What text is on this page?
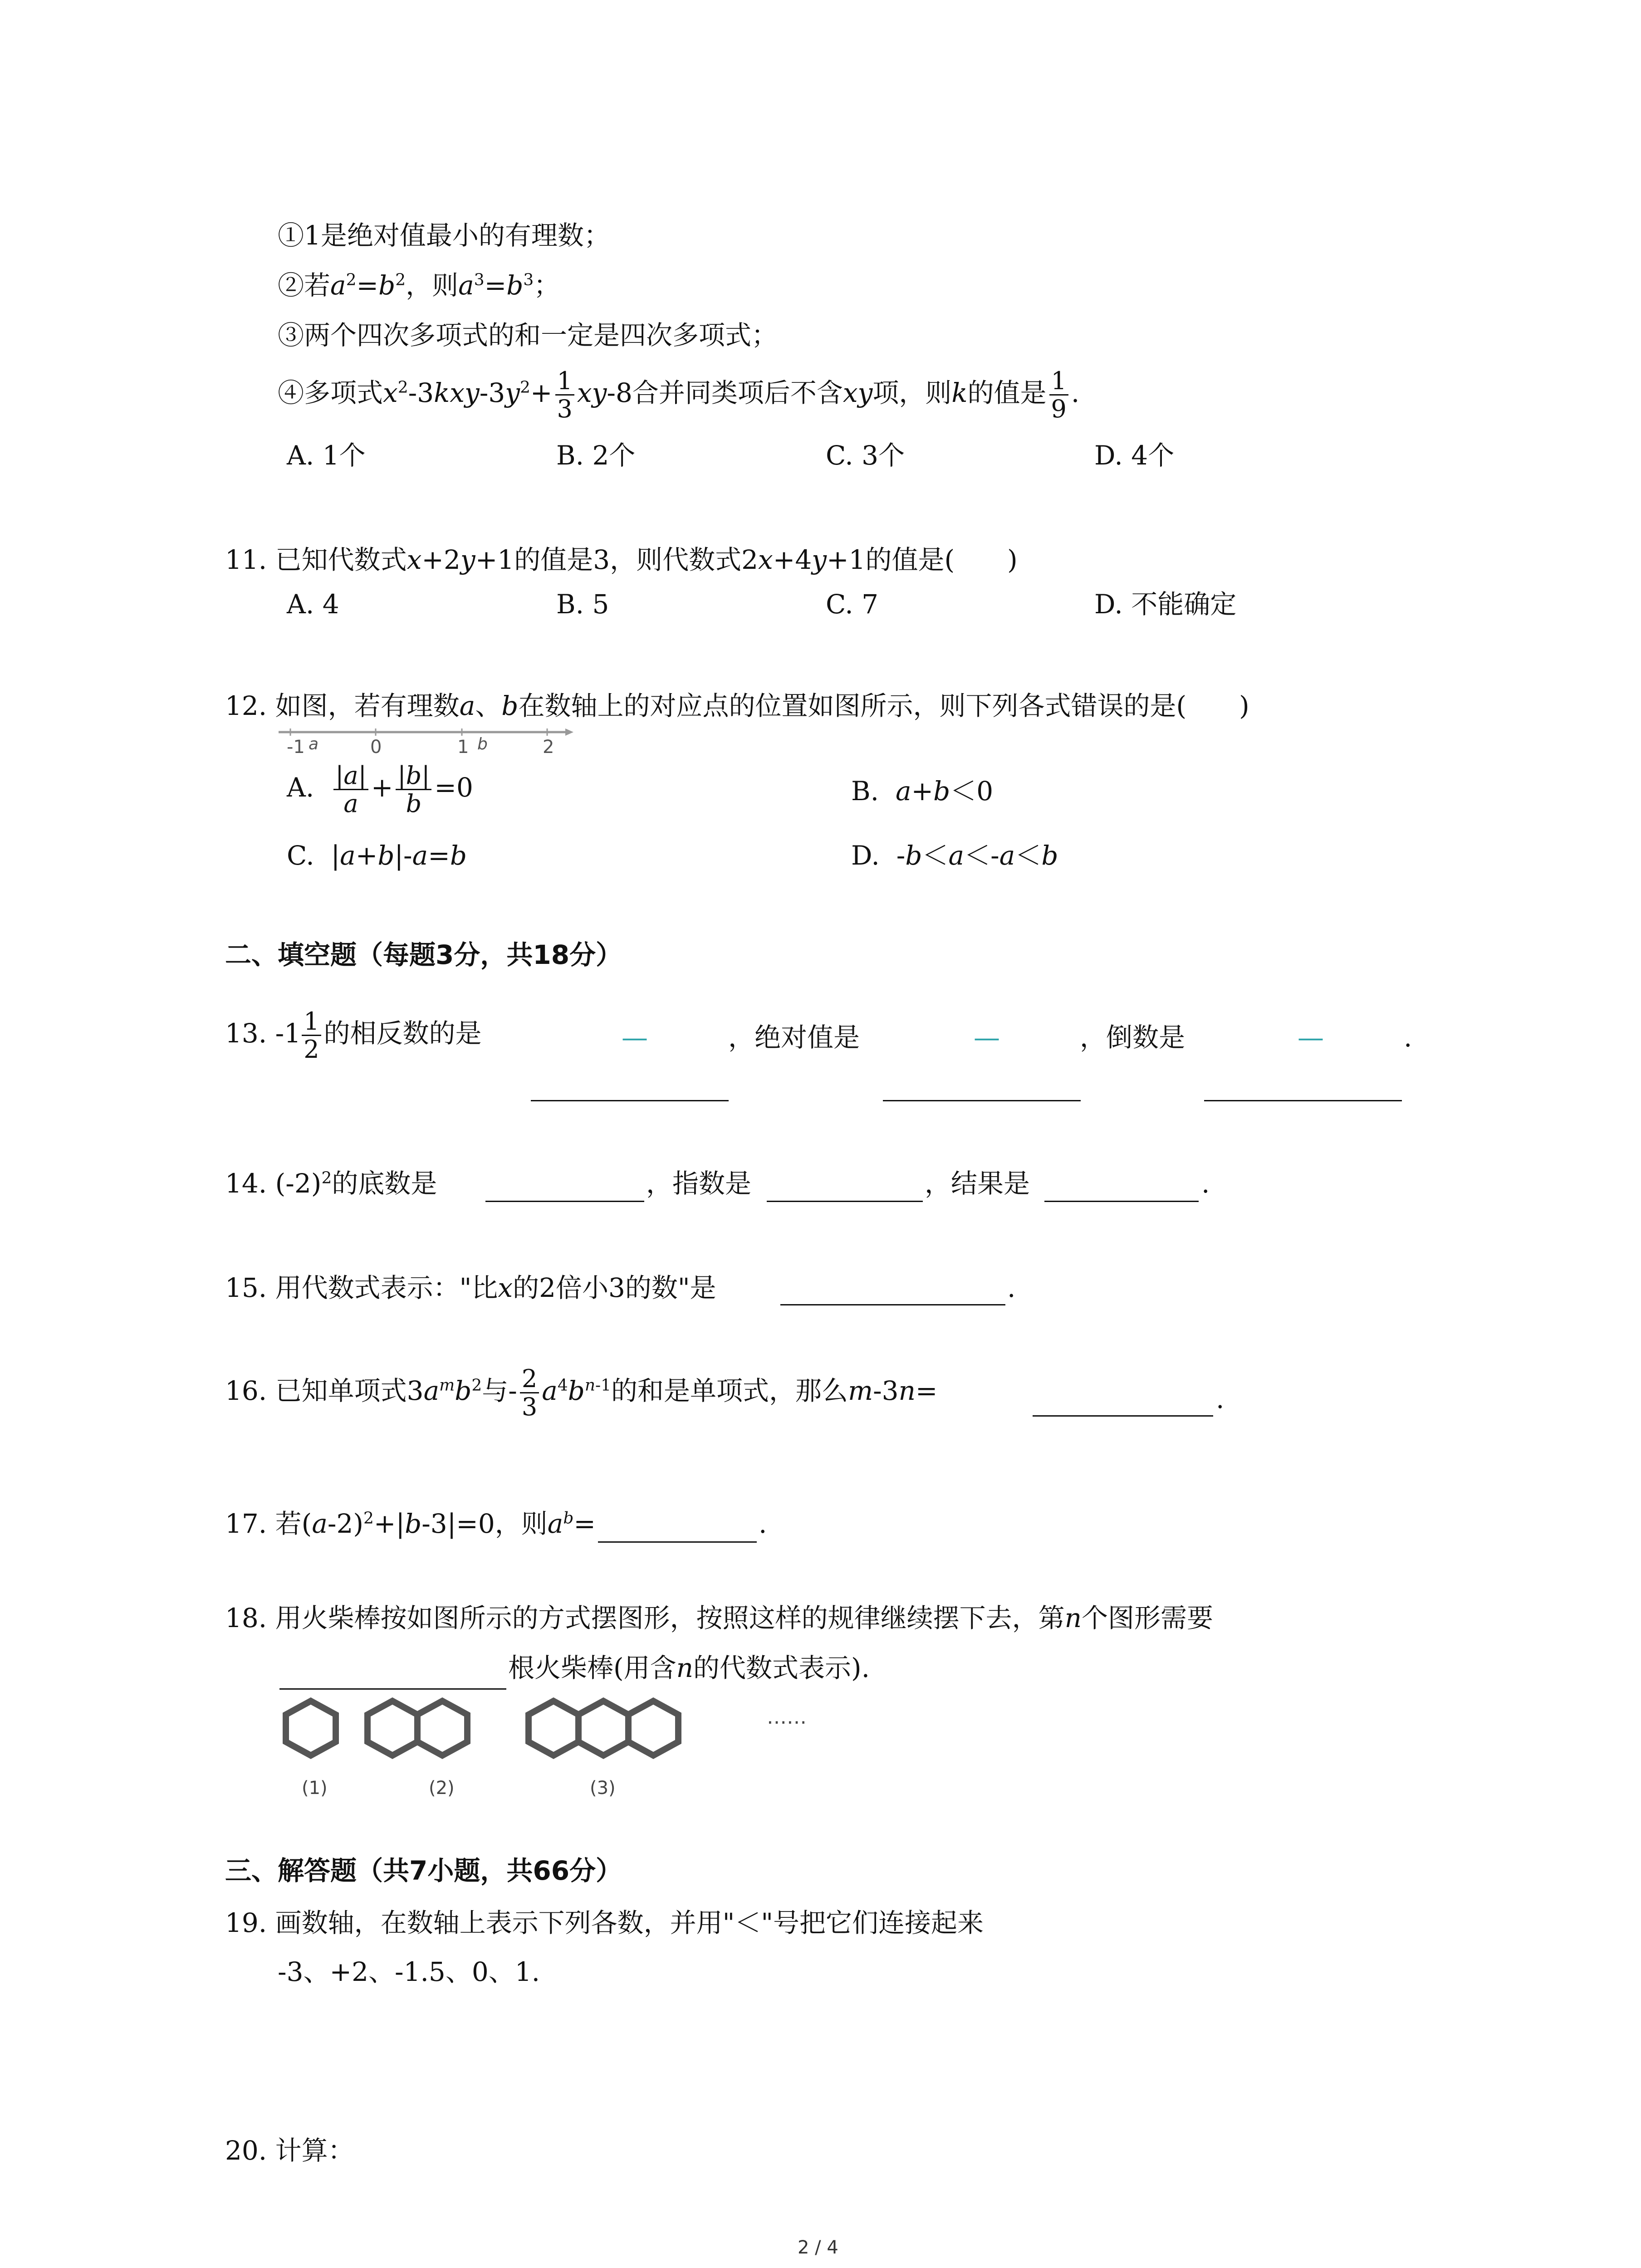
①1是绝对值最小的有理数；
②若$a^2=b^2$，则$a^3=b^3$；
③两个四次多项式的和一定是四次多项式；
④多项式$x^2-3kxy-3y^2+ \frac{1}{3} xy-8$合并同类项后不含xy项，则k的值是 $\frac{1}{9}$ .
A. 1个	B. 2个	C. 3个	D. 4个
11. 已知代数式x+2y+1的值是3，则代数式2x+4y+1的值是(　　)
A. 4	B. 5	C. 7	D. 不能确定
12. 如图，若有理数a、b在数轴上的对应点的位置如图所示，则下列各式错误的是(　　)
-1 a	0	1 b	2
A. $\frac{|a|}{a} + \frac{|b|}{b} =0$	B. a+b＜0
C.  |a+b|-a=b	D.  -b＜a＜-a＜b
二、填空题（每题3分，共18分）
13. $-1 \frac{1}{2}$ 的相反数的是	—	，绝对值是	—	，倒数是	—	.
14. $(-2)^2$的底数是	，指数是	，结果是	.
15. 用代数式表示："比x的2倍小3的数"是	.
16. 已知单项式$3a^mb^2$与- $\frac{2}{3} a^4b^{n-1}$的和是单项式，那么m-3n=	.
17. 若$(a-2)^2+|b-3|=0$，则$a^b=$	.
18. 用火柴棒按如图所示的方式摆图形，按照这样的规律继续摆下去，第n个图形需要
根火柴棒(用含n的代数式表示).
(1)	(2)	(3)
……
三、解答题（共7小题，共66分）
19. 画数轴，在数轴上表示下列各数，并用"＜"号把它们连接起来
-3、+2、-1.5、0、1.
20. 计算：
2 / 4
